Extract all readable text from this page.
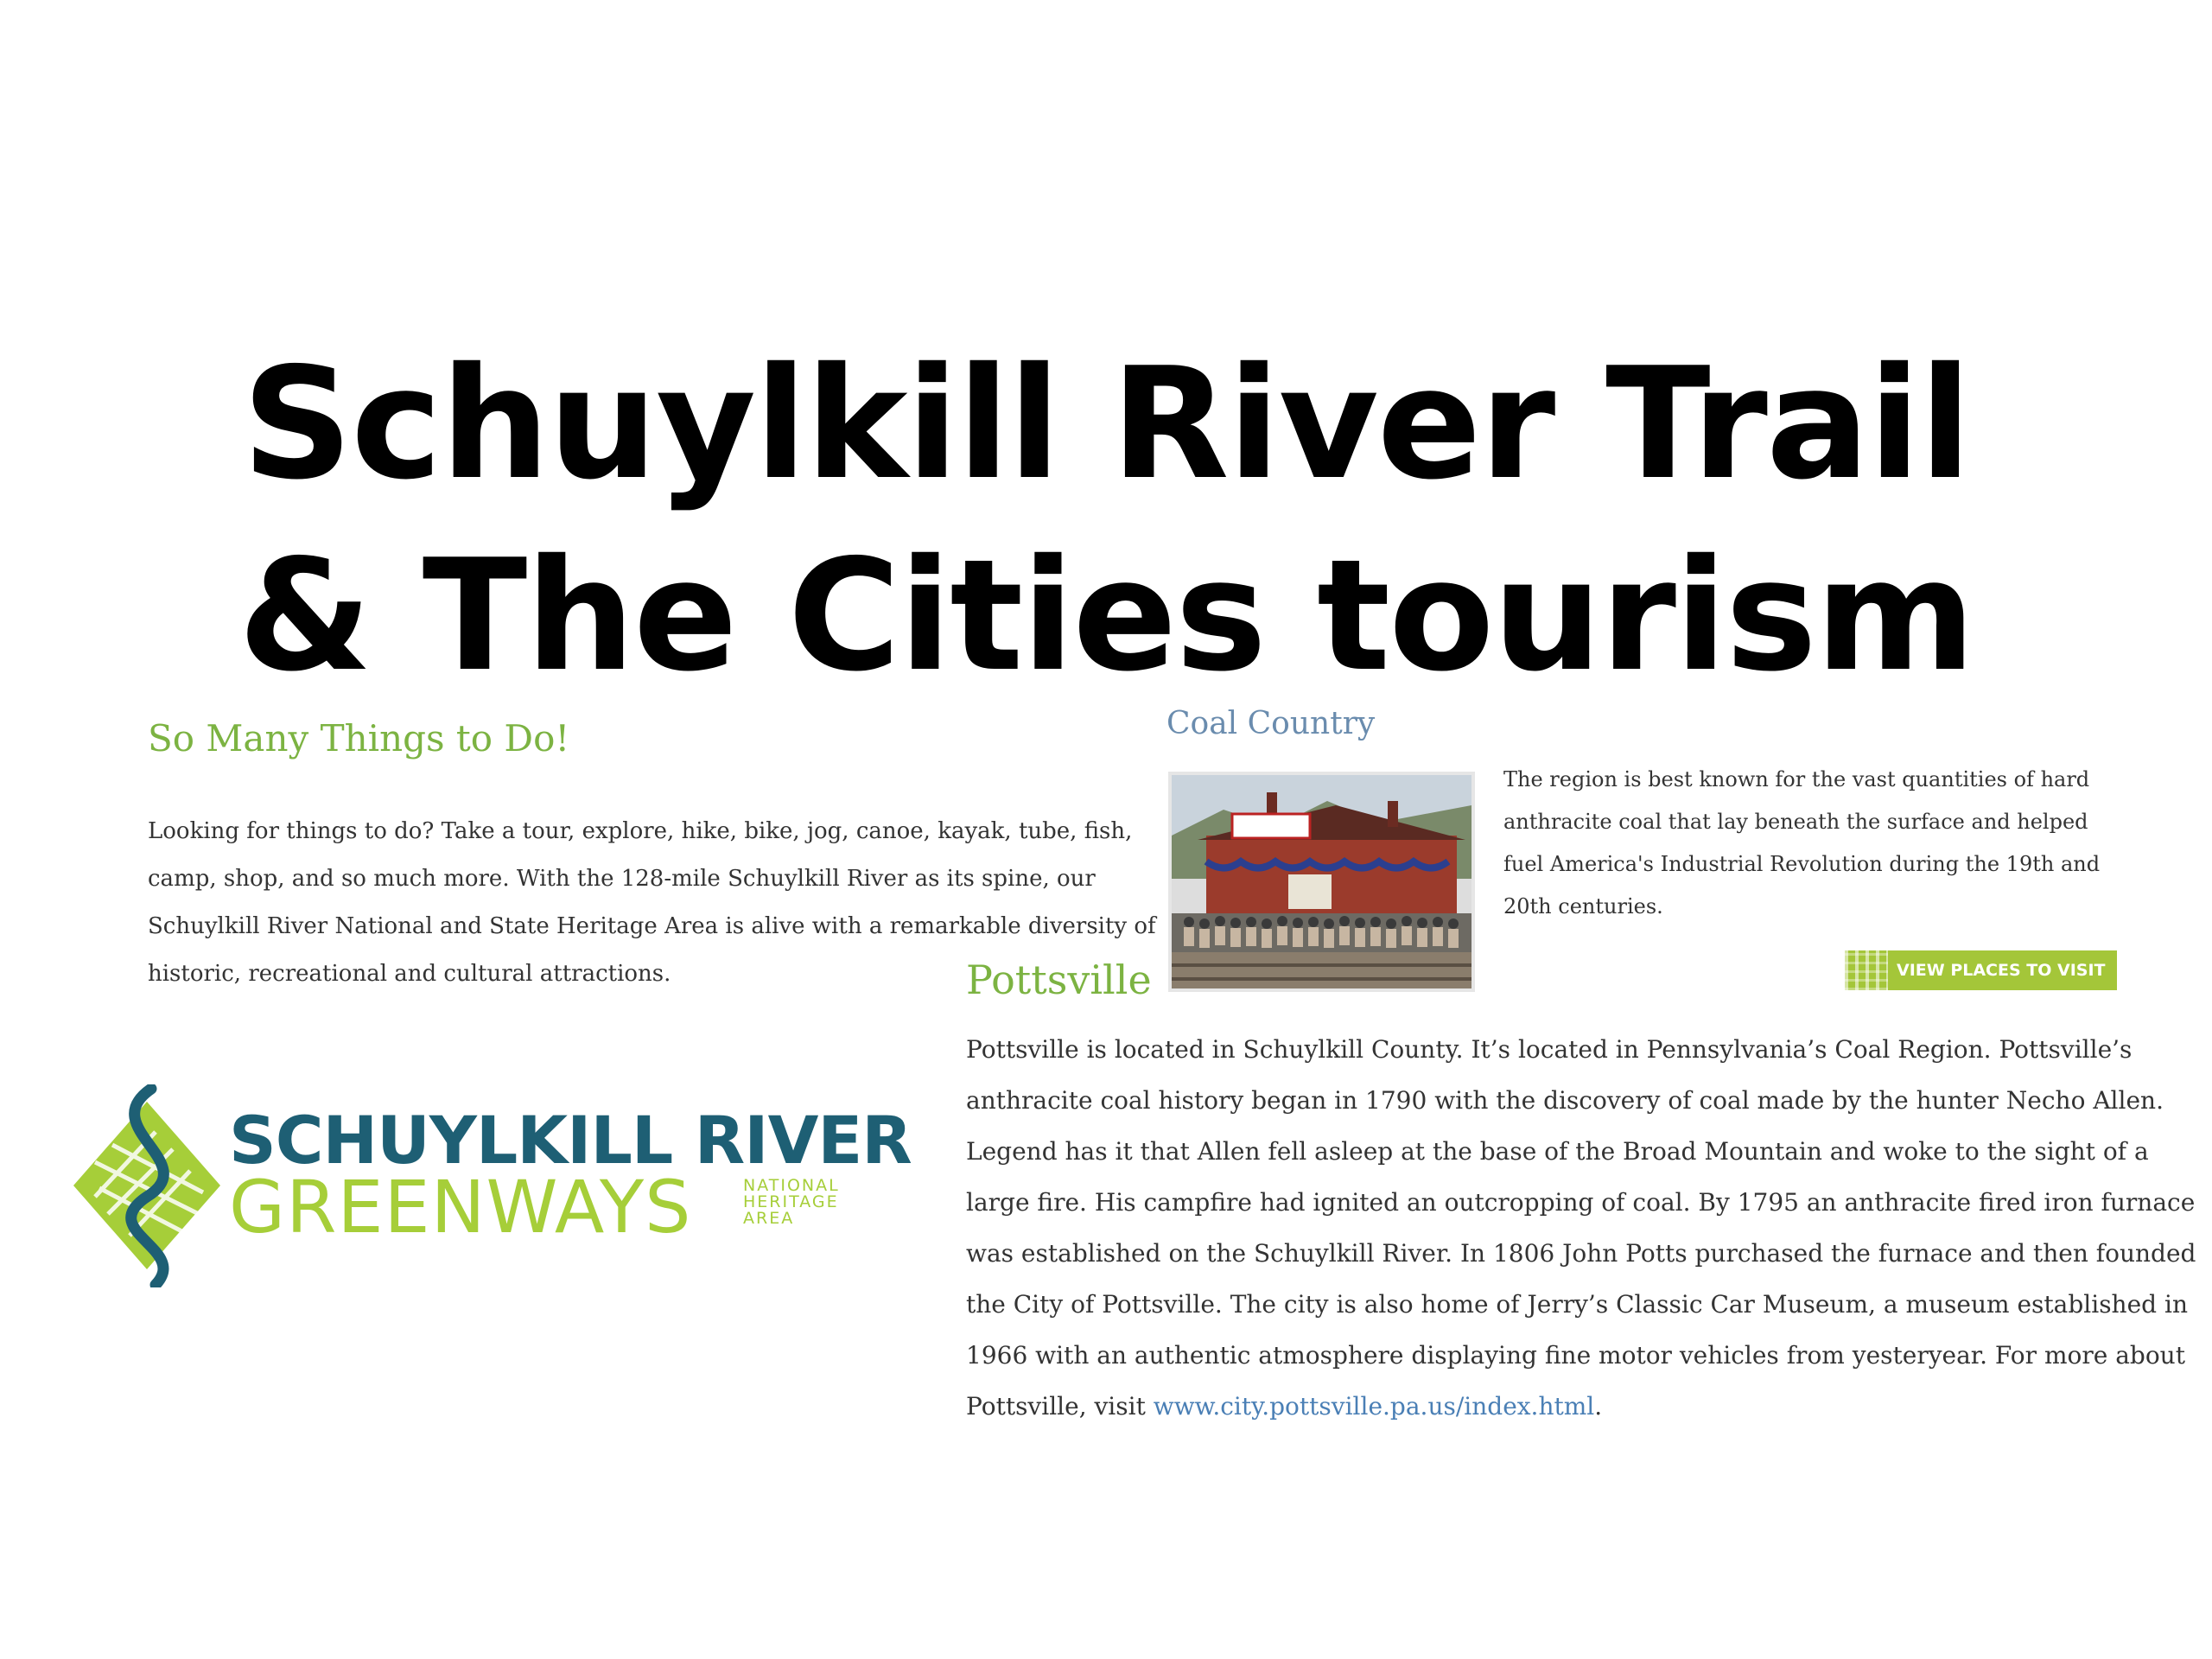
Schuylkill River Trail
& The Cities tourism
So Many Things to Do!
Looking for things to do? Take a tour, explore, hike, bike, jog, canoe, kayak, tube, fish, camp, shop, and so much more. With the 128-mile Schuylkill River as its spine, our Schuylkill River National and State Heritage Area is alive with a remarkable diversity of historic, recreational and cultural attractions.
Coal Country
The region is best known for the vast quantities of hard anthracite coal that lay beneath the surface and helped fuel America's Industrial Revolution during the 19th and 20th centuries.
VIEW PLACES TO VISIT
Pottsville
Pottsville is located in Schuylkill County. It’s located in Pennsylvania’s Coal Region. Pottsville’s anthracite coal history began in 1790 with the discovery of coal made by the hunter Necho Allen. Legend has it that Allen fell asleep at the base of the Broad Mountain and woke to the sight of a large fire. His campfire had ignited an outcropping of coal. By 1795 an anthracite fired iron furnace was established on the Schuylkill River. In 1806 John Potts purchased the furnace and then founded the City of Pottsville. The city is also home of Jerry’s Classic Car Museum, a museum established in 1966 with an authentic atmosphere displaying fine motor vehicles from yesteryear. For more about Pottsville, visit www.city.pottsville.pa.us/index.html.
SCHUYLKILL RIVER
GREENWAYS	NATIONAL
HERITAGE
AREA
